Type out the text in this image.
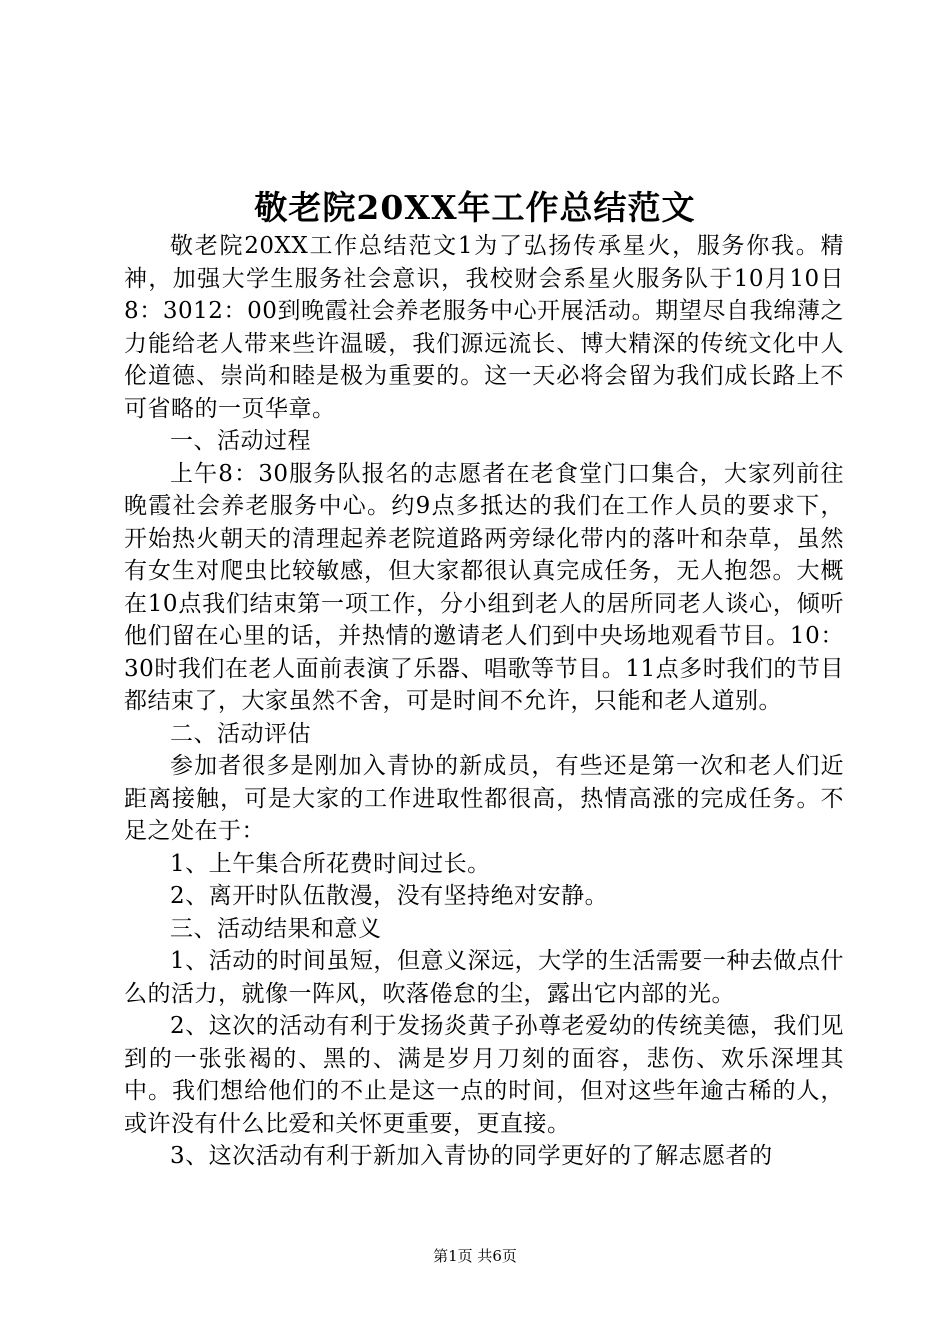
敬老院20XX年工作总结范文

敬老院20XX工作总结范文1为了弘扬传承星火，服务你我。精神，加强大学生服务社会意识，我校财会系星火服务队于10月10日8：3012：00到晚霞社会养老服务中心开展活动。期望尽自我绵薄之力能给老人带来些许温暖，我们源远流长、博大精深的传统文化中人伦道德、崇尚和睦是极为重要的。这一天必将会留为我们成长路上不可省略的一页华章。

一、活动过程

上午8：30服务队报名的志愿者在老食堂门口集合，大家列前往晚霞社会养老服务中心。约9点多抵达的我们在工作人员的要求下，开始热火朝天的清理起养老院道路两旁绿化带内的落叶和杂草，虽然有女生对爬虫比较敏感，但大家都很认真完成任务，无人抱怨。大概在10点我们结束第一项工作，分小组到老人的居所同老人谈心，倾听他们留在心里的话，并热情的邀请老人们到中央场地观看节目。10：30时我们在老人面前表演了乐器、唱歌等节目。11点多时我们的节目都结束了，大家虽然不舍，可是时间不允许，只能和老人道别。

二、活动评估

参加者很多是刚加入青协的新成员，有些还是第一次和老人们近距离接触，可是大家的工作进取性都很高，热情高涨的完成任务。不足之处在于：

1、上午集合所花费时间过长。

2、离开时队伍散漫，没有坚持绝对安静。

三、活动结果和意义

1、活动的时间虽短，但意义深远，大学的生活需要一种去做点什么的活力，就像一阵风，吹落倦怠的尘，露出它内部的光。

2、这次的活动有利于发扬炎黄子孙尊老爱幼的传统美德，我们见到的一张张褐的、黑的、满是岁月刀刻的面容，悲伤、欢乐深埋其中。我们想给他们的不止是这一点的时间，但对这些年逾古稀的人，或许没有什么比爱和关怀更重要，更直接。

3、这次活动有利于新加入青协的同学更好的了解志愿者的

第1页 共6页
